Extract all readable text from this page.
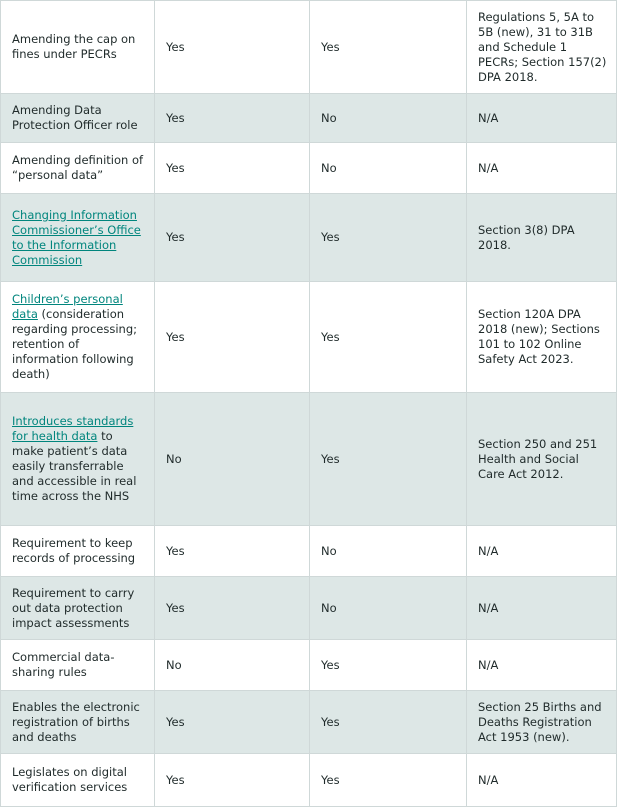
Amending the cap on fines under PECRs	Yes	Yes	Regulations 5, 5A to 5B (new), 31 to 31B and Schedule 1 PECRs; Section 157(2) DPA 2018.
Amending Data Protection Officer role	Yes	No	N/A
Amending definition of “personal data”	Yes	No	N/A
Changing Information Commissioner’s Office to the Information Commission	Yes	Yes	Section 3(8) DPA 2018.
Children’s personal data (consideration regarding processing; retention of information following death)	Yes	Yes	Section 120A DPA 2018 (new); Sections 101 to 102 Online Safety Act 2023.
Introduces standards for health data to make patient’s data easily transferrable and accessible in real time across the NHS	No	Yes	Section 250 and 251 Health and Social Care Act 2012.
Requirement to keep records of processing	Yes	No	N/A
Requirement to carry out data protection impact assessments	Yes	No	N/A
Commercial data-sharing rules	No	Yes	N/A
Enables the electronic registration of births and deaths	Yes	Yes	Section 25 Births and Deaths Registration Act 1953 (new).
Legislates on digital verification services	Yes	Yes	N/A
